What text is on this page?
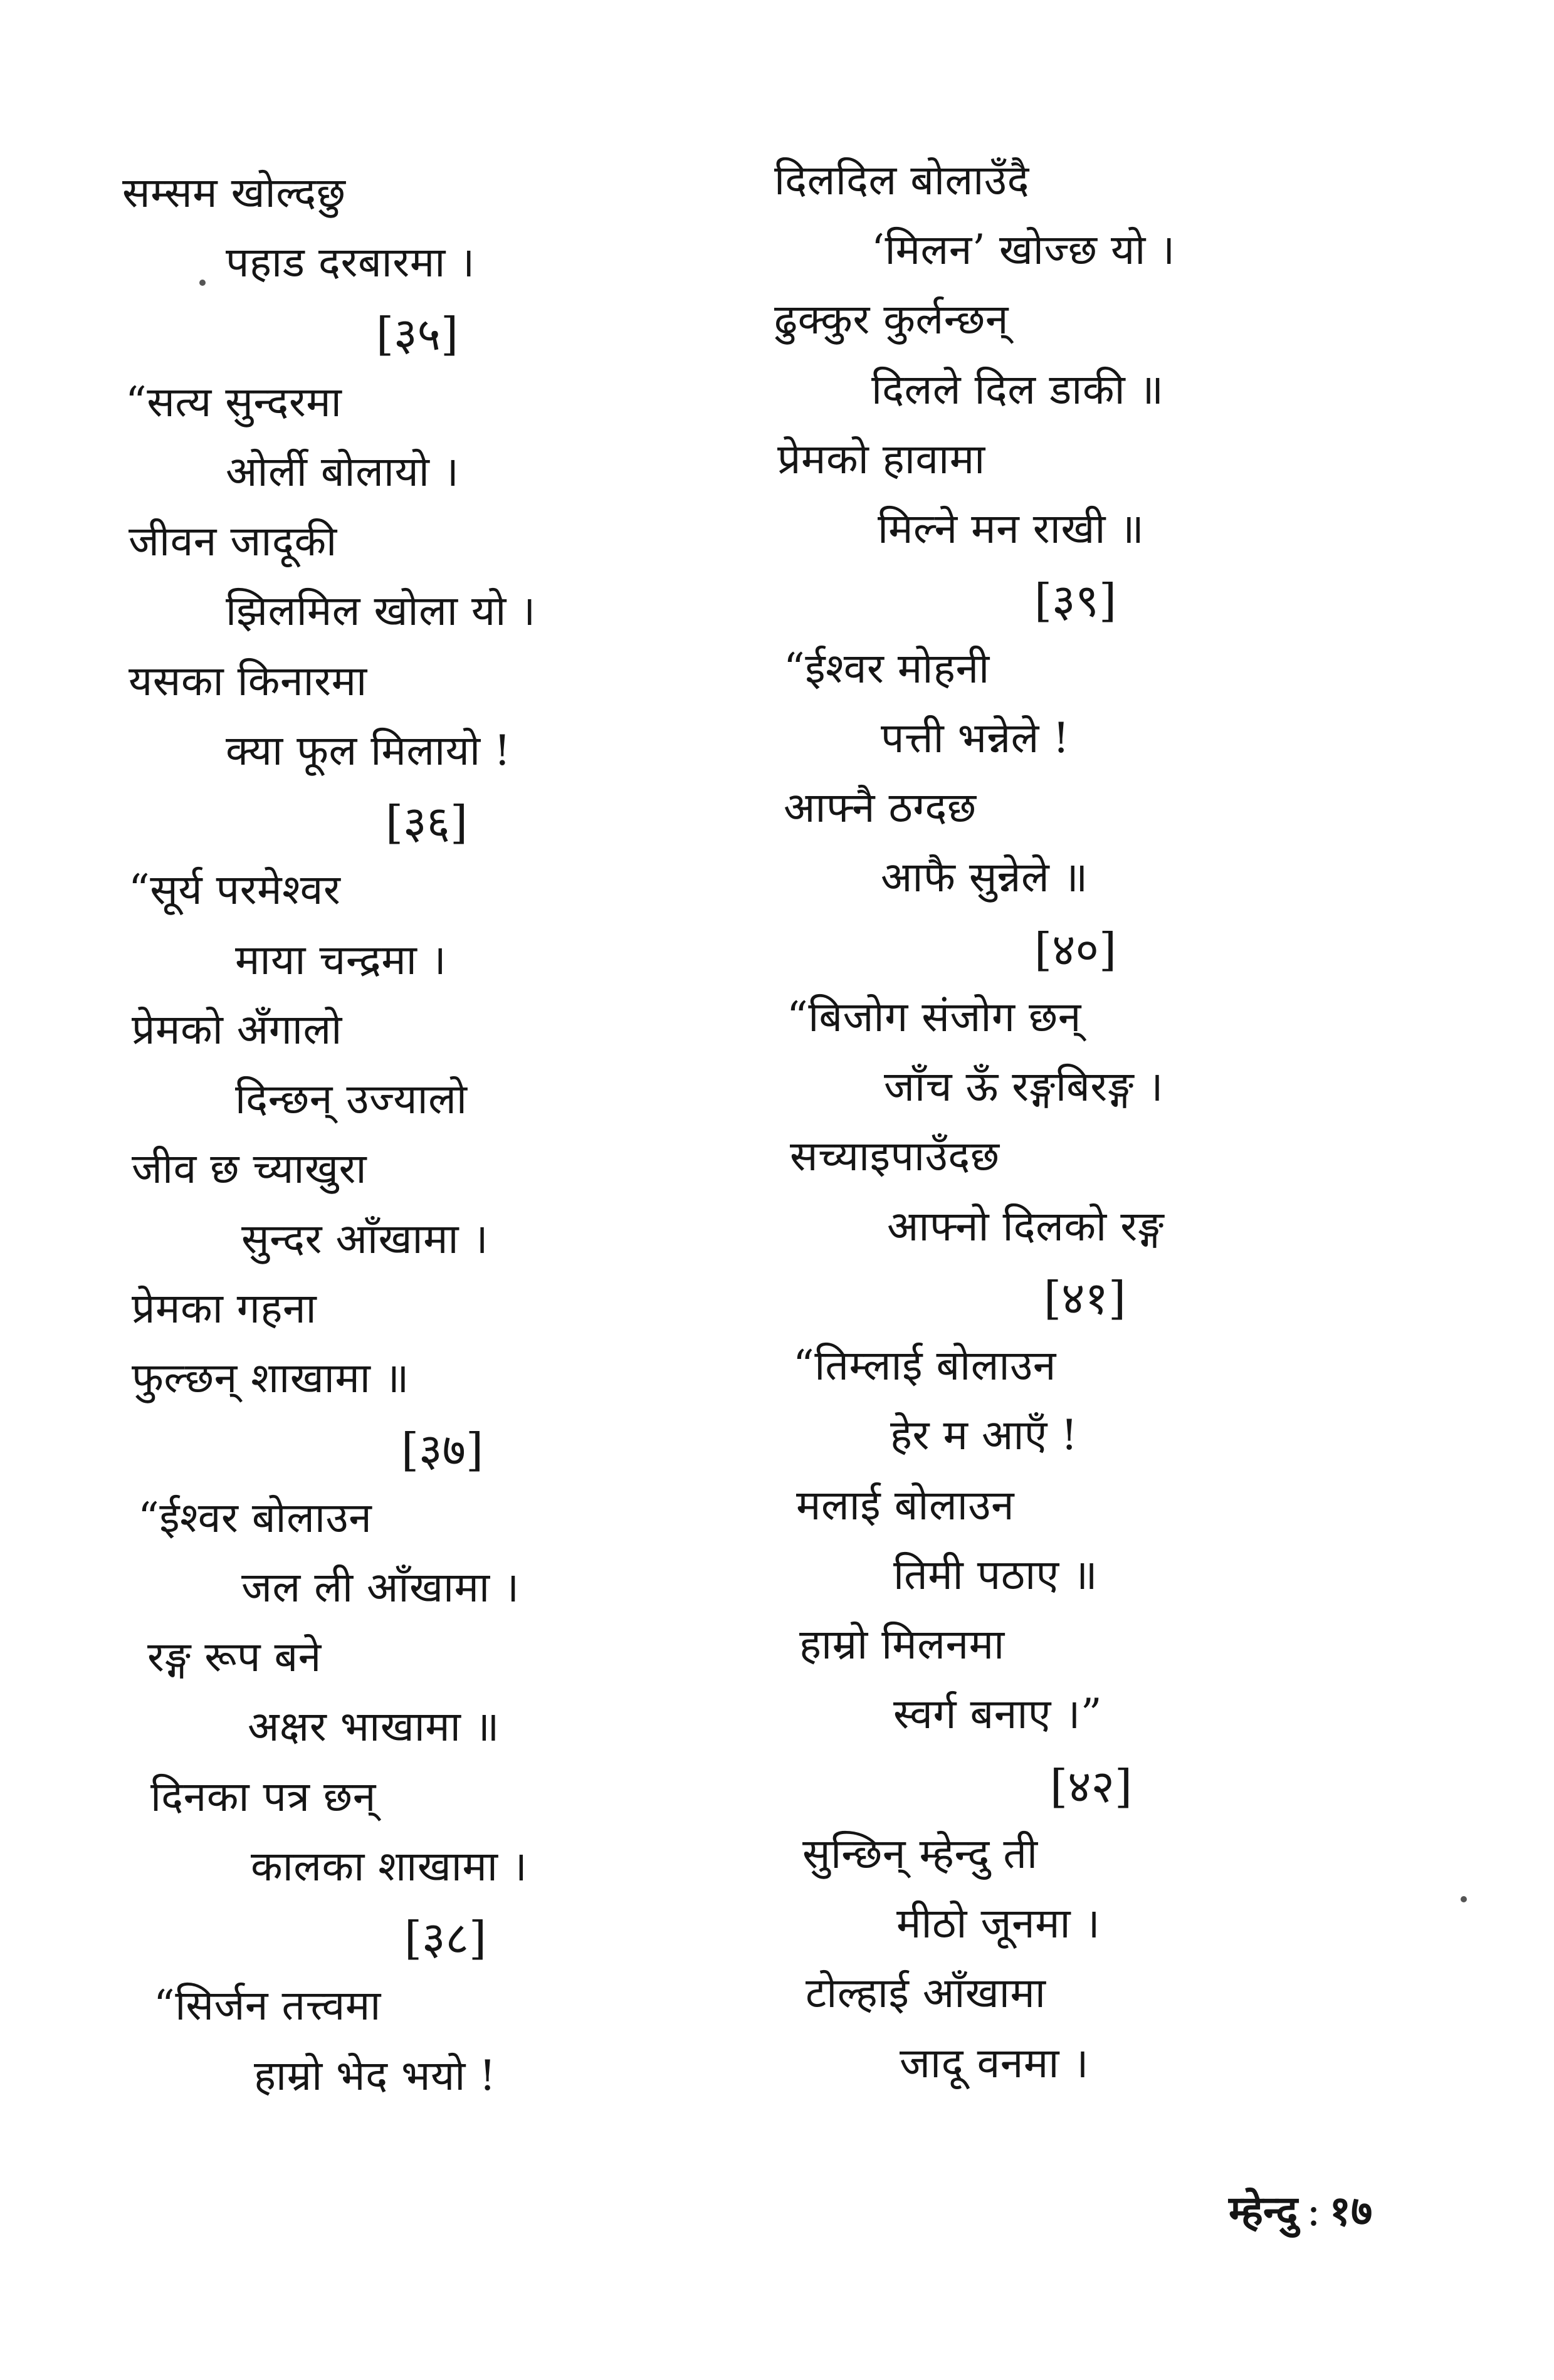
सम्सम खोल्दछु
पहाड दरबारमा ।
[३५]
“सत्य सुन्दरमा
ओर्ली बोलायो ।
जीवन जादूकी
झिलमिल खोला यो ।
यसका किनारमा
क्या फूल मिलायो !
[३६]
“सूर्य परमेश्वर
माया चन्द्रमा ।
प्रेमको अँगालो
दिन्छन् उज्यालो
जीव छ च्याखुरा
सुन्दर आँखामा ।
प्रेमका गहना
फुल्छन् शाखामा ॥
[३७]
“ईश्वर बोलाउन
जल ली आँखामा ।
रङ्ग रूप बने
अक्षर भाखामा ॥
दिनका पत्र छन्
कालका शाखामा ।
[३८]
“सिर्जन तत्त्वमा
हाम्रो भेद भयो !
दिलदिल बोलाउँदै
‘मिलन’ खोज्छ यो ।
ढुक्कुर कुर्लन्छन्
दिलले दिल डाकी ॥
प्रेमको हावामा
मिल्ने मन राखी ॥
[३९]
“ईश्वर मोहनी
पत्ती भन्नेले !
आफ्नै ठग्दछ
आफै सुन्नेले ॥
[४०]
“बिजोग संजोग छन्
जाँच ऊँ रङ्गबिरङ्ग ।
सच्याइपाउँदछ
आफ्नो दिलको रङ्ग
[४१]
“तिम्लाई बोलाउन
हेर म आएँ !
मलाई बोलाउन
तिमी पठाए ॥
हाम्रो मिलनमा
स्वर्ग बनाए ।”
[४२]
सुन्छिन् म्हेन्दु ती
मीठो जूनमा ।
टोल्हाई आँखामा
जादू वनमा ।
म्हेन्दु : १७
